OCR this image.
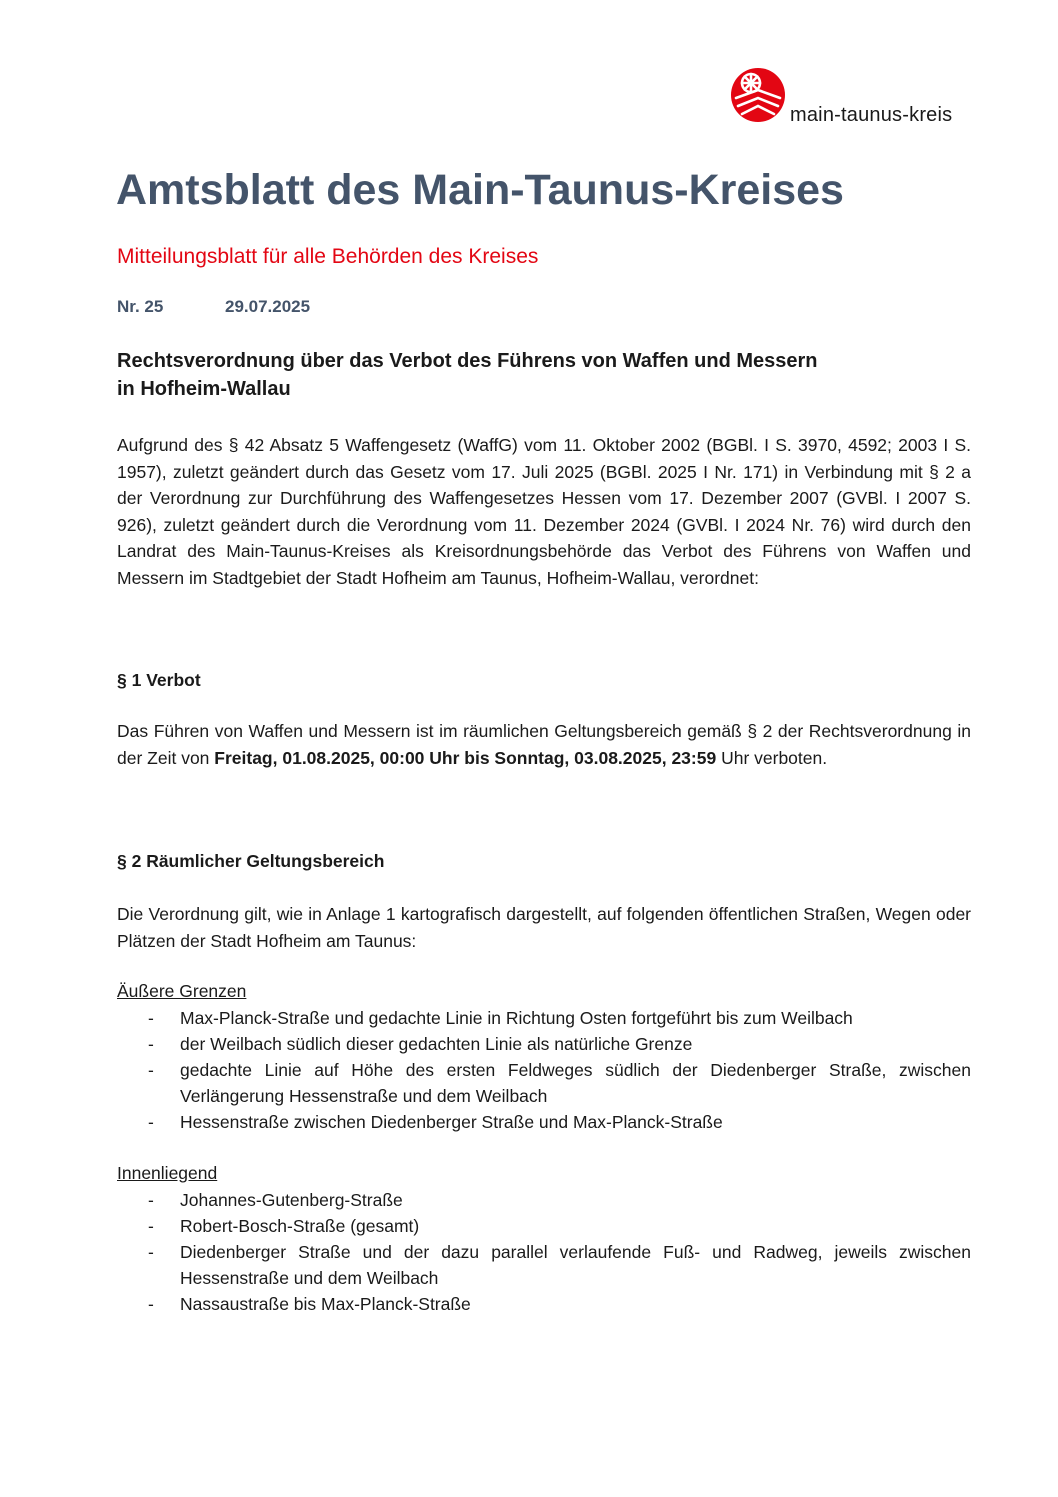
main-taunus-kreis
Amtsblatt des Main-Taunus-Kreises

Mitteilungsblatt für alle Behörden des Kreises

Nr. 25	29.07.2025
Rechtsverordnung über das Verbot des Führens von Waffen und Messern
in Hofheim-Wallau

Aufgrund des § 42 Absatz 5 Waffengesetz (WaffG) vom 11. Oktober 2002 (BGBl. I S. 3970, 4592; 2003 I S. 1957), zuletzt geändert durch das Gesetz vom 17. Juli 2025 (BGBl. 2025 I Nr. 171) in Verbindung mit § 2 a der Verordnung zur Durchführung des Waffengesetzes Hessen vom 17. Dezember 2007 (GVBl. I 2007 S. 926), zuletzt geändert durch die Verordnung vom 11. Dezember 2024 (GVBl. I 2024 Nr. 76) wird durch den Landrat des Main-Taunus-Kreises als Kreisordnungsbehörde das Verbot des Führens von Waffen und Messern im Stadtgebiet der Stadt Hofheim am Taunus, Hofheim-Wallau, verordnet:

§ 1 Verbot

Das Führen von Waffen und Messern ist im räumlichen Geltungsbereich gemäß § 2 der Rechtsverordnung in der Zeit von Freitag, 01.08.2025, 00:00 Uhr bis Sonntag, 03.08.2025, 23:59 Uhr verboten.

§ 2 Räumlicher Geltungsbereich

Die Verordnung gilt, wie in Anlage 1 kartografisch dargestellt, auf folgenden öffentlichen Straßen, Wegen oder Plätzen der Stadt Hofheim am Taunus:

Äußere Grenzen

- Max-Planck-Straße und gedachte Linie in Richtung Osten fortgeführt bis zum Weilbach
- der Weilbach südlich dieser gedachten Linie als natürliche Grenze
- gedachte Linie auf Höhe des ersten Feldweges südlich der Diedenberger Straße, zwischen Verlängerung Hessenstraße und dem Weilbach
- Hessenstraße zwischen Diedenberger Straße und Max-Planck-Straße

Innenliegend

- Johannes-Gutenberg-Straße
- Robert-Bosch-Straße (gesamt)
- Diedenberger Straße und der dazu parallel verlaufende Fuß- und Radweg, jeweils zwischen Hessenstraße und dem Weilbach
- Nassaustraße bis Max-Planck-Straße
